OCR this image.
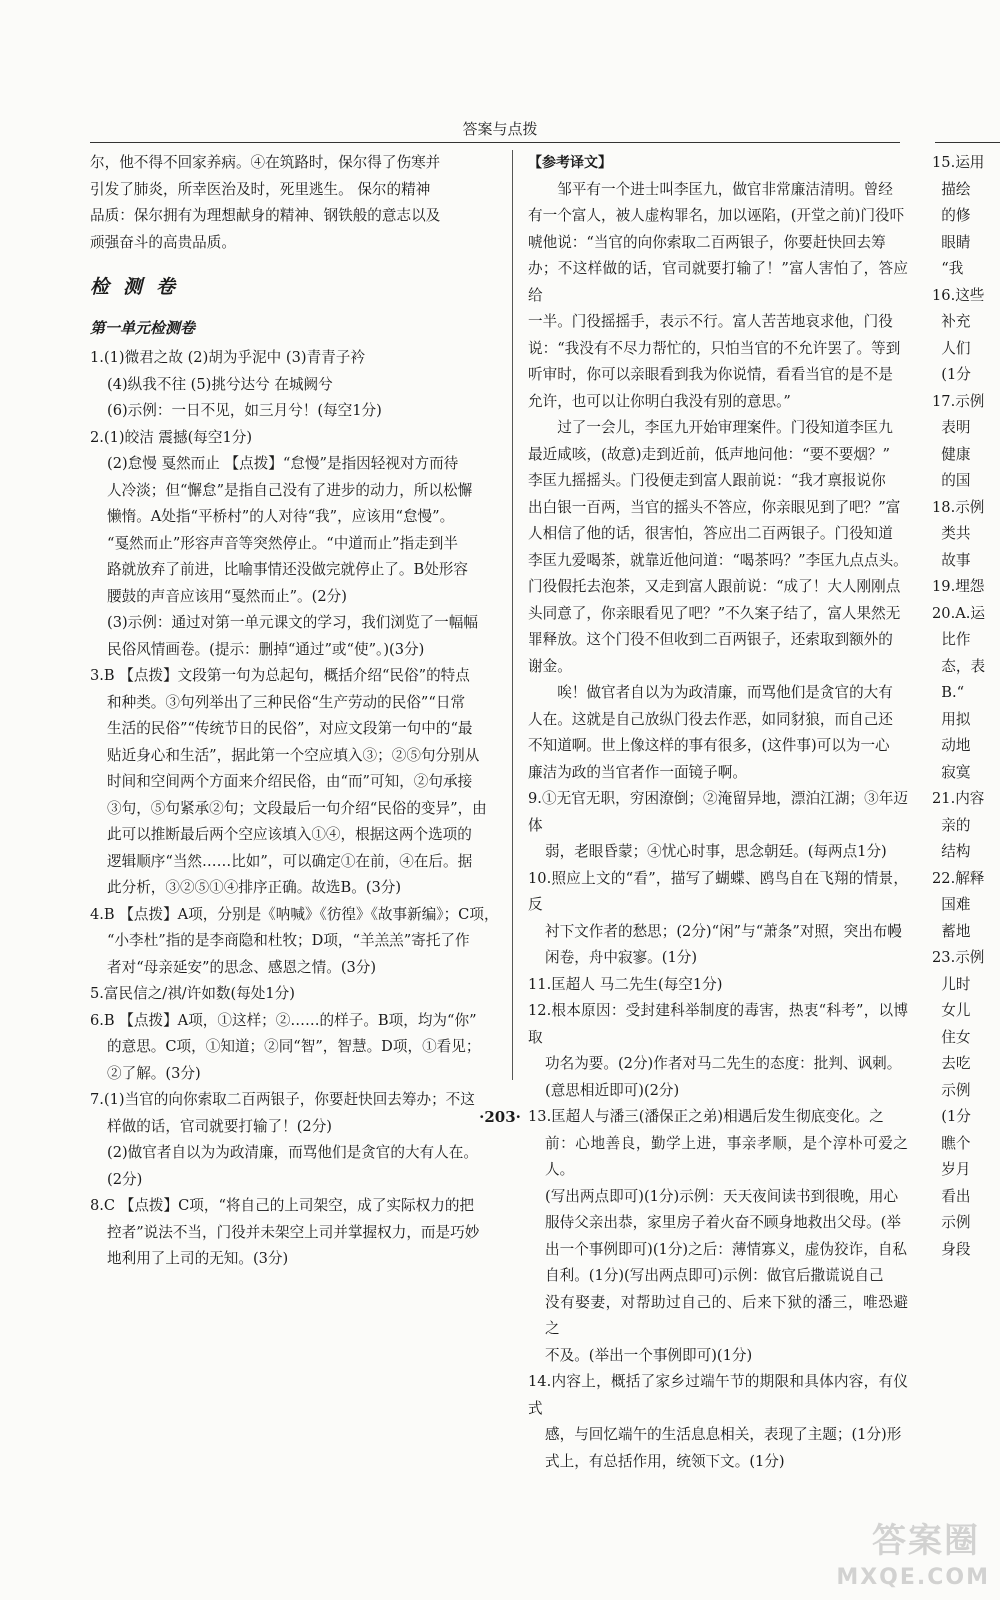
答案与点拨

尔，他不得不回家养病。④在筑路时，保尔得了伤寒并

引发了肺炎，所幸医治及时，死里逃生。 保尔的精神

品质：保尔拥有为理想献身的精神、钢铁般的意志以及

顽强奋斗的高贵品质。

检测卷
第一单元检测卷

1.(1)微君之故 (2)胡为乎泥中 (3)青青子衿

(4)纵我不往 (5)挑兮达兮 在城阙兮

(6)示例：一日不见，如三月兮！(每空1分)

2.(1)皎洁 震撼(每空1分)

(2)怠慢 戛然而止 【点拨】“怠慢”是指因轻视对方而待

人冷淡；但“懈怠”是指自己没有了进步的动力，所以松懈

懒惰。A处指“平桥村”的人对待“我”，应该用“怠慢”。

“戛然而止”形容声音等突然停止。“中道而止”指走到半

路就放弃了前进，比喻事情还没做完就停止了。B处形容

腰鼓的声音应该用“戛然而止”。(2分)

(3)示例：通过对第一单元课文的学习，我们浏览了一幅幅

民俗风情画卷。(提示：删掉“通过”或“使”。)(3分)

3.B 【点拨】文段第一句为总起句，概括介绍“民俗”的特点

和种类。③句列举出了三种民俗“生产劳动的民俗”“日常

生活的民俗”“传统节日的民俗”，对应文段第一句中的“最

贴近身心和生活”，据此第一个空应填入③；②⑤句分别从

时间和空间两个方面来介绍民俗，由“而”可知，②句承接

③句，⑤句紧承②句；文段最后一句介绍“民俗的变异”，由

此可以推断最后两个空应该填入①④，根据这两个选项的

逻辑顺序“当然……比如”，可以确定①在前，④在后。据

此分析，③②⑤①④排序正确。故选B。(3分)

4.B 【点拨】A项，分别是《呐喊》《彷徨》《故事新编》；C项，

“小李杜”指的是李商隐和杜牧；D项，“羊羔羔”寄托了作

者对“母亲延安”的思念、感恩之情。(3分)

5.富民信之/祺/许如数(每处1分)

6.B 【点拨】A项，①这样；②……的样子。B项，均为“你”

的意思。C项，①知道；②同“智”，智慧。D项，①看见；

②了解。(3分)

7.(1)当官的向你索取二百两银子，你要赶快回去筹办；不这

样做的话，官司就要打输了！(2分)

(2)做官者自以为为政清廉，而骂他们是贪官的大有人在。

(2分)

8.C 【点拨】C项，“将自己的上司架空，成了实际权力的把

控者”说法不当，门役并未架空上司并掌握权力，而是巧妙

地利用了上司的无知。(3分)

【参考译文】

邹平有一个进士叫李匡九，做官非常廉洁清明。曾经

有一个富人，被人虚构罪名，加以诬陷，(开堂之前)门役吓

唬他说：“当官的向你索取二百两银子，你要赶快回去筹

办；不这样做的话，官司就要打输了！”富人害怕了，答应给

一半。门役摇摇手，表示不行。富人苦苦地哀求他，门役

说：“我没有不尽力帮忙的，只怕当官的不允许罢了。等到

听审时，你可以亲眼看到我为你说情，看看当官的是不是

允许，也可以让你明白我没有别的意思。”

过了一会儿，李匡九开始审理案件。门役知道李匡九

最近咸咳，(故意)走到近前，低声地问他：“要不要烟？”

李匡九摇摇头。门役便走到富人跟前说：“我才禀报说你

出白银一百两，当官的摇头不答应，你亲眼见到了吧？”富

人相信了他的话，很害怕，答应出二百两银子。门役知道

李匡九爱喝茶，就靠近他问道：“喝茶吗？”李匡九点点头。

门役假托去泡茶，又走到富人跟前说：“成了！大人刚刚点

头同意了，你亲眼看见了吧？”不久案子结了，富人果然无

罪释放。这个门役不但收到二百两银子，还索取到额外的

谢金。

唉！做官者自以为为政清廉，而骂他们是贪官的大有

人在。这就是自己放纵门役去作恶，如同豺狼，而自己还

不知道啊。世上像这样的事有很多，(这件事)可以为一心

廉洁为政的当官者作一面镜子啊。

9.①无官无职，穷困潦倒；②淹留异地，漂泊江湖；③年迈体

弱，老眼昏蒙；④忧心时事，思念朝廷。(每两点1分)

10.照应上文的“看”，描写了蝴蝶、鸥鸟自在飞翔的情景，反

衬下文作者的愁思；(2分)“闲”与“萧条”对照，突出布幔

闲卷，舟中寂寥。(1分)

11.匡超人 马二先生(每空1分)

12.根本原因：受封建科举制度的毒害，热衷“科考”，以博取

功名为要。(2分)作者对马二先生的态度：批判、讽刺。

(意思相近即可)(2分)

13.匡超人与潘三(潘保正之弟)相遇后发生彻底变化。之

前：心地善良，勤学上进，事亲孝顺，是个淳朴可爱之人。

(写出两点即可)(1分)示例：天天夜间读书到很晚，用心

服侍父亲出恭，家里房子着火奋不顾身地救出父母。(举

出一个事例即可)(1分)之后：薄情寡义，虚伪狡诈，自私

自利。(1分)(写出两点即可)示例：做官后撒谎说自己

没有娶妻，对帮助过自己的、后来下狱的潘三，唯恐避之

不及。(举出一个事例即可)(1分)

14.内容上，概括了家乡过端午节的期限和具体内容，有仪式

感，与回忆端午的生活息息相关，表现了主题；(1分)形

式上，有总括作用，统领下文。(1分)

15.运用

描绘

的修

眼睛

“我

16.这些

补充

人们

(1分

17.示例

表明

健康

的国

18.示例

类共

故事

19.埋怨

20.A.运

比作

态，表

B.“

用拟

动地

寂寞

21.内容

亲的

结构

22.解释

国难

蓄地

23.示例

儿时

女儿

住女

去吃

示例

(1分

瞧个

岁月

看出

示例

身段

·203·
答案圈
MXQE.COM
